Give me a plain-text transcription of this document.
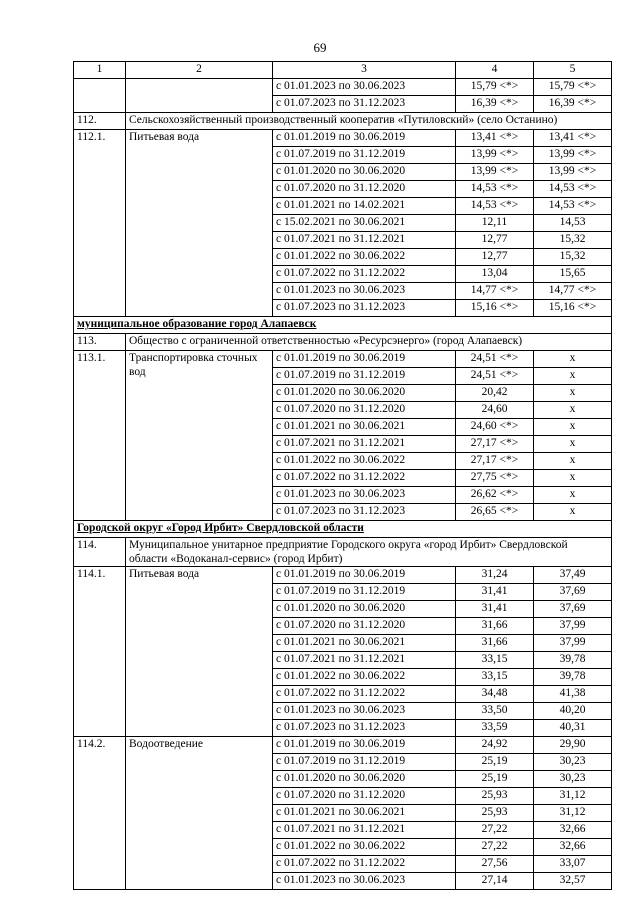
69
1	2	3	4	5
		с 01.01.2023 по 30.06.2023	15,79 <*>	15,79 <*>
		с 01.07.2023 по 31.12.2023	16,39 <*>	16,39 <*>
112.	Сельскохозяйственный производственный кооператив «Путиловский» (село Останино)			
112.1.	Питьевая вода	с 01.01.2019 по 30.06.2019	13,41 <*>	13,41 <*>
		с 01.07.2019 по 31.12.2019	13,99 <*>	13,99 <*>
		с 01.01.2020 по 30.06.2020	13,99 <*>	13,99 <*>
		с 01.07.2020 по 31.12.2020	14,53 <*>	14,53 <*>
		с 01.01.2021 по 14.02.2021	14,53 <*>	14,53 <*>
		с 15.02.2021 по 30.06.2021	12,11	14,53
		с 01.07.2021 по 31.12.2021	12,77	15,32
		с 01.01.2022 по 30.06.2022	12,77	15,32
		с 01.07.2022 по 31.12.2022	13,04	15,65
		с 01.01.2023 по 30.06.2023	14,77 <*>	14,77 <*>
		с 01.07.2023 по 31.12.2023	15,16 <*>	15,16 <*>
муниципальное образование город Алапаевск				
113.	Общество с ограниченной ответственностью «Ресурсэнерго» (город Алапаевск)			
113.1.	Транспортировка сточных вод	с 01.01.2019 по 30.06.2019	24,51 <*>	x
		с 01.07.2019 по 31.12.2019	24,51 <*>	x
		с 01.01.2020 по 30.06.2020	20,42	x
		с 01.07.2020 по 31.12.2020	24,60	x
		с 01.01.2021 по 30.06.2021	24,60 <*>	x
		с 01.07.2021 по 31.12.2021	27,17 <*>	x
		с 01.01.2022 по 30.06.2022	27,17 <*>	x
		с 01.07.2022 по 31.12.2022	27,75 <*>	x
		с 01.01.2023 по 30.06.2023	26,62 <*>	x
		с 01.07.2023 по 31.12.2023	26,65 <*>	x
Городской округ «Город Ирбит» Свердловской области				
114.	Муниципальное унитарное предприятие Городского округа «город Ирбит» Свердловской области «Водоканал-сервис» (город Ирбит)			
114.1.	Питьевая вода	с 01.01.2019 по 30.06.2019	31,24	37,49
		с 01.07.2019 по 31.12.2019	31,41	37,69
		с 01.01.2020 по 30.06.2020	31,41	37,69
		с 01.07.2020 по 31.12.2020	31,66	37,99
		с 01.01.2021 по 30.06.2021	31,66	37,99
		с 01.07.2021 по 31.12.2021	33,15	39,78
		с 01.01.2022 по 30.06.2022	33,15	39,78
		с 01.07.2022 по 31.12.2022	34,48	41,38
		с 01.01.2023 по 30.06.2023	33,50	40,20
		с 01.07.2023 по 31.12.2023	33,59	40,31
114.2.	Водоотведение	с 01.01.2019 по 30.06.2019	24,92	29,90
		с 01.07.2019 по 31.12.2019	25,19	30,23
		с 01.01.2020 по 30.06.2020	25,19	30,23
		с 01.07.2020 по 31.12.2020	25,93	31,12
		с 01.01.2021 по 30.06.2021	25,93	31,12
		с 01.07.2021 по 31.12.2021	27,22	32,66
		с 01.01.2022 по 30.06.2022	27,22	32,66
		с 01.07.2022 по 31.12.2022	27,56	33,07
		с 01.01.2023 по 30.06.2023	27,14	32,57
